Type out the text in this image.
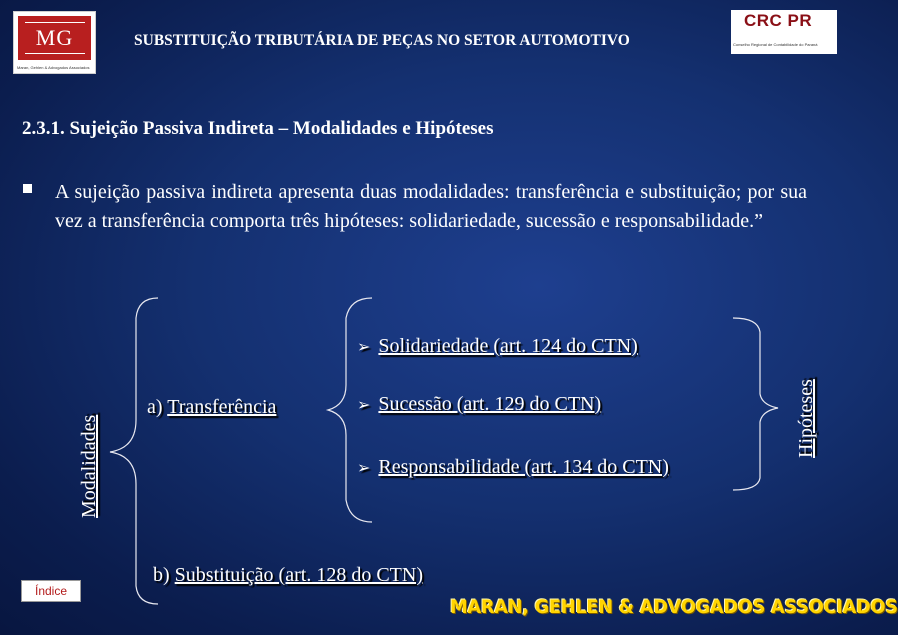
MG
Maran, Gehlen & Advogados Associados
SUBSTITUIÇÃO TRIBUTÁRIA DE PEÇAS NO SETOR AUTOMOTIVO
CRC PR
Conselho Regional de Contabilidade do Paraná
2.3.1. Sujeição Passiva Indireta – Modalidades e Hipóteses
A sujeição passiva indireta apresenta duas modalidades: transferência e substituição; por sua vez a transferência comporta três hipóteses: solidariedade, sucessão e responsabilidade.”
Modalidades	Hipóteses
a) Transferência
➢ Solidariedade (art. 124 do CTN)
➢ Sucessão (art. 129 do CTN)
➢ Responsabilidade (art. 134 do CTN)
b) Substituição (art. 128 do CTN)
Índice
MARAN, GEHLEN & ADVOGADOS ASSOCIADOS
